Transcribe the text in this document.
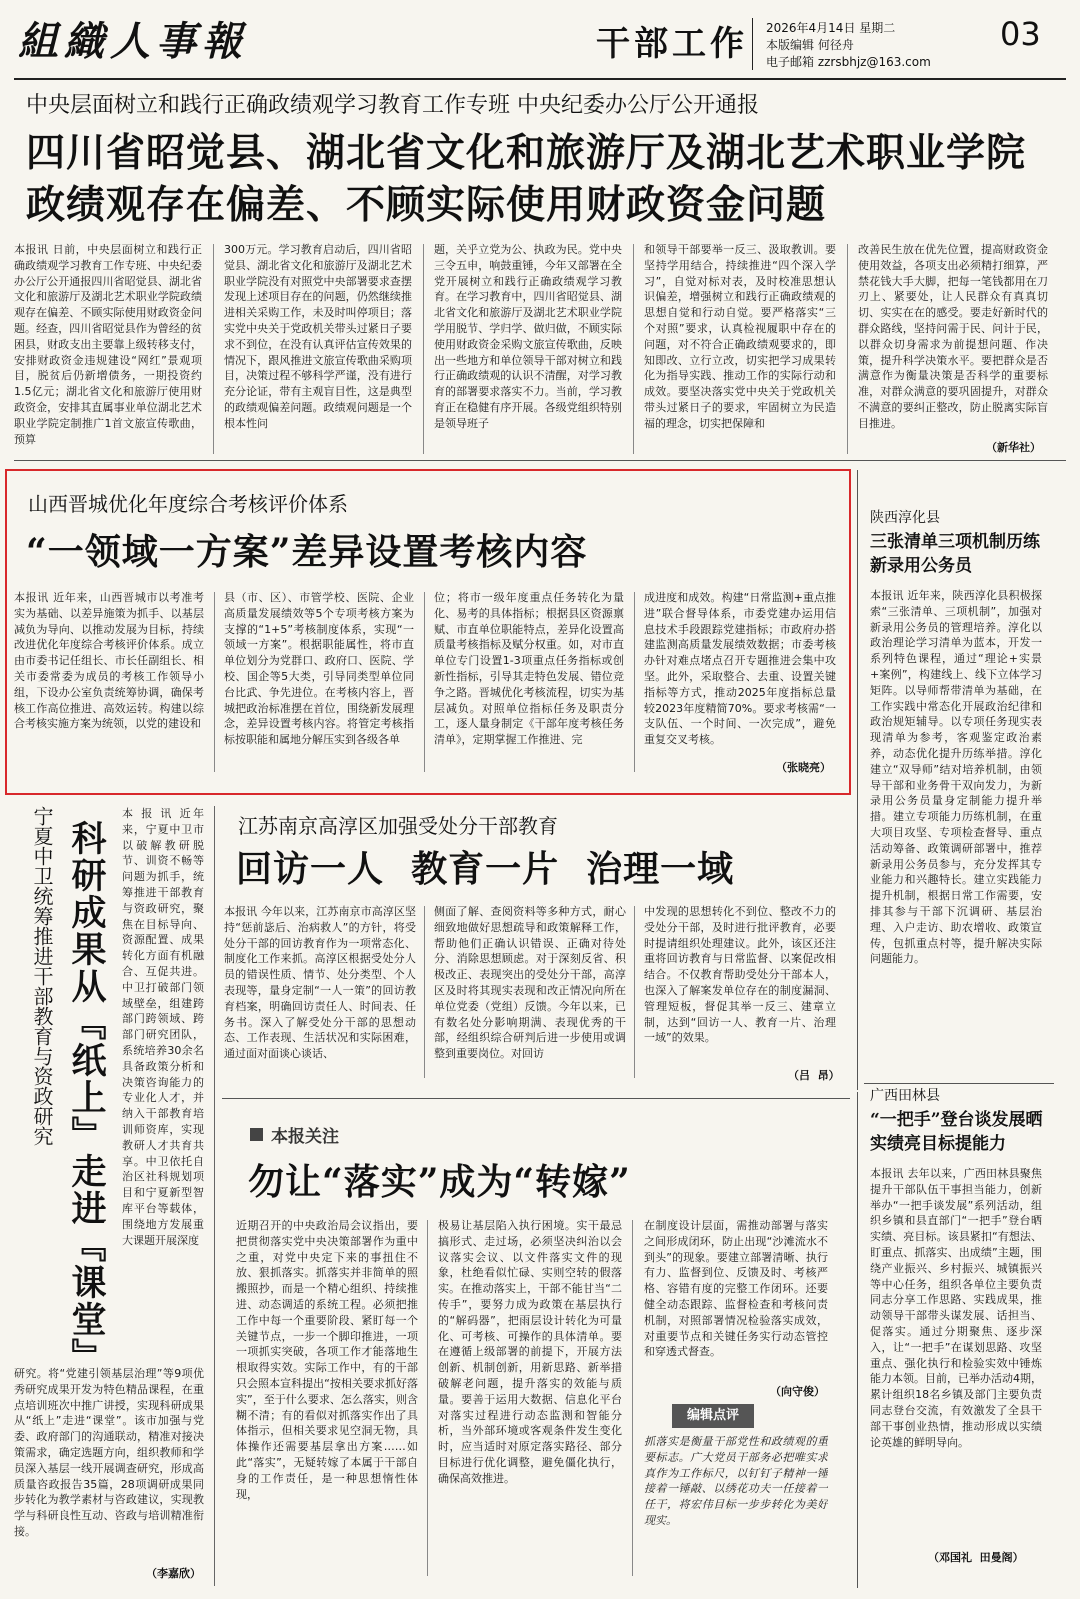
組織人事報	干部工作 2026年4月14日 星期二
本版编辑 何径舟
电子邮箱 zzrsbhjz@163.com
03
中央层面树立和践行正确政绩观学习教育工作专班 中央纪委办公厅公开通报
四川省昭觉县、湖北省文化和旅游厅及湖北艺术职业学院
政绩观存在偏差、不顾实际使用财政资金问题
本报讯 日前，中央层面树立和践行正确政绩观学习教育工作专班、中央纪委办公厅公开通报四川省昭觉县、湖北省文化和旅游厅及湖北艺术职业学院政绩观存在偏差、不顾实际使用财政资金问题。经查，四川省昭觉县作为曾经的贫困县，财政支出主要靠上级转移支付，安排财政资金违规建设“网红”景观项目，脱贫后仍新增债务，一期投资约1.5亿元；湖北省文化和旅游厅使用财政资金，安排其直属事业单位湖北艺术职业学院定制推广1首文旅宣传歌曲，预算
300万元。学习教育启动后，四川省昭觉县、湖北省文化和旅游厅及湖北艺术职业学院没有对照党中央部署要求查摆发现上述项目存在的问题，仍然继续推进相关采购工作，未及时叫停项目；落实党中央关于党政机关带头过紧日子要求不到位，在没有认真评估宣传效果的情况下，跟风推进文旅宣传歌曲采购项目，决策过程不够科学严谨，没有进行充分论证，带有主观盲目性，这是典型的政绩观偏差问题。政绩观问题是一个根本性问
题，关乎立党为公、执政为民。党中央三令五申，响鼓重锤，今年又部署在全党开展树立和践行正确政绩观学习教育。在学习教育中，四川省昭觉县、湖北省文化和旅游厅及湖北艺术职业学院学用脱节、学归学、做归做，不顾实际使用财政资金采购文旅宣传歌曲，反映出一些地方和单位领导干部对树立和践行正确政绩观的认识不清醒，对学习教育的部署要求落实不力。当前，学习教育正在稳健有序开展。各级党组织特别是领导班子
和领导干部要举一反三、汲取教训。要坚持学用结合，持续推进“四个深入学习”，自觉对标对表，及时校准思想认识偏差，增强树立和践行正确政绩观的思想自觉和行动自觉。要严格落实“三个对照”要求，认真检视履职中存在的问题，对不符合正确政绩观要求的，即知即改、立行立改，切实把学习成果转化为指导实践、推动工作的实际行动和成效。要坚决落实党中央关于党政机关带头过紧日子的要求，牢固树立为民造福的理念，切实把保障和
改善民生放在优先位置，提高财政资金使用效益，各项支出必须精打细算，严禁花钱大手大脚，把每一笔钱都用在刀刃上、紧要处，让人民群众有真真切切、实实在在的感受。要走好新时代的群众路线，坚持问需于民、问计于民，以群众切身需求为前提想问题、作决策，提升科学决策水平。要把群众是否满意作为衡量决策是否科学的重要标准，对群众满意的要巩固提升，对群众不满意的要纠正整改，防止脱离实际盲目推进。
（新华社）
山西晋城优化年度综合考核评价体系
“一领域一方案”差异设置考核内容
本报讯 近年来，山西晋城市以考准考实为基础、以差异施策为抓手、以基层减负为导向、以推动发展为目标，持续改进优化年度综合考核评价体系。成立由市委书记任组长、市长任副组长、相关市委常委为成员的考核工作领导小组，下设办公室负责统筹协调，确保考核工作高位推进、高效运转。构建以综合考核实施方案为统领，以党的建设和
县（市、区）、市管学校、医院、企业高质量发展绩效等5个专项考核方案为支撑的“1+5”考核制度体系，实现“一领域一方案”。根据职能属性，将市直单位划分为党群口、政府口、医院、学校、国企等5大类，引导同类型单位同台比武、争先进位。在考核内容上，晋城把政治标准摆在首位，围绕新发展理念，差异设置考核内容。将管定考核指标按职能和属地分解压实到各级各单
位；将市一级年度重点任务转化为量化、易考的具体指标；根据县区资源禀赋、市直单位职能特点，差异化设置高质量考核指标及赋分权重。如，对市直单位专门设置1-3项重点任务指标或创新性指标，引导其走特色发展、错位竞争之路。晋城优化考核流程，切实为基层减负。对照单位指标任务及职责分工，逐人量身制定《干部年度考核任务清单》，定期掌握工作推进、完
成进度和成效。构建“日常监测+重点推进”联合督导体系，市委党建办运用信息技术手段跟踪党建指标；市政府办搭建监测高质量发展绩效数据；市委考核办针对难点堵点召开专题推进会集中攻坚。此外，采取整合、去重、设置关键指标等方式，推动2025年度指标总量较2023年度精简70%。要求考核需“一支队伍、一个时间、一次完成”，避免重复交叉考核。
（张晓亮）
陕西淳化县
三张清单三项机制历练新录用公务员
本报讯 近年来，陕西淳化县积极探索“三张清单、三项机制”，加强对新录用公务员的管理培养。淳化以政治理论学习清单为蓝本，开发一系列特色课程，通过“理论+实景+案例”，构建线上、线下立体学习矩阵。以导师帮带清单为基础，在工作实践中常态化开展政治纪律和政治规矩辅导。以专项任务现实表现清单为参考，客观鉴定政治素养，动态优化提升历练举措。淳化建立“双导师”结对培养机制，由领导干部和业务骨干双向发力，为新录用公务员量身定制能力提升举措。建立专项能力历练机制，在重大项目攻坚、专项检查督导、重点活动筹备、政策调研部署中，推荐新录用公务员参与，充分发挥其专业能力和兴趣特长。建立实践能力提升机制，根据日常工作需要，安排其参与干部下沉调研、基层治理、入户走访、助农增收、政策宣传，包抓重点村等，提升解决实际问题能力。
宁夏中卫统筹推进干部教育与资政研究 科研成果从『纸上』走进『课堂』
本 报 讯 近年来，宁夏中卫市以破解教研脱节、训资不畅等问题为抓手，统筹推进干部教育与资政研究，聚焦在目标导向、资源配置、成果转化方面有机融合、互促共进。中卫打破部门领域壁垒，组建跨部门跨领域、跨部门研究团队，系统培养30余名具备政策分析和决策咨询能力的专业化人才，并纳入干部教育培训师资库，实现教研人才共育共享。中卫依托自治区社科规划项目和宁夏新型智库平台等载体，围绕地方发展重大课题开展深度
研究。将“党建引领基层治理”等9项优秀研究成果开发为特色精品课程，在重点培训班次中推广讲授，实现科研成果从“纸上”走进“课堂”。该市加强与党委、政府部门的沟通联动，精准对接决策需求，确定选题方向，组织教师和学员深入基层一线开展调查研究，形成高质量咨政报告35篇，28项调研成果同步转化为教学素材与咨政建议，实现教学与科研良性互动、咨政与培训精准衔接。
（李嘉欣）
江苏南京高淳区加强受处分干部教育
回访一人  教育一片  治理一域
本报讯 今年以来，江苏南京市高淳区坚持“惩前毖后、治病救人”的方针，将受处分干部的回访教育作为一项常态化、制度化工作来抓。高淳区根据受处分人员的错误性质、情节、处分类型、个人表现等，量身定制“一人一策”的回访教育档案，明确回访责任人、时间表、任务书。深入了解受处分干部的思想动态、工作表现、生活状况和实际困难，通过面对面谈心谈话、
侧面了解、查阅资料等多种方式，耐心细致地做好思想疏导和政策解释工作，帮助他们正确认识错误、正确对待处分、消除思想顾虑。对于深刻反省、积极改正、表现突出的受处分干部，高淳区及时将其现实表现和改正情况向所在单位党委（党组）反馈。今年以来，已有数名处分影响期满、表现优秀的干部，经组织综合研判后进一步使用或调整到重要岗位。对回访
中发现的思想转化不到位、整改不力的受处分干部，及时进行批评教育，必要时提请组织处理建议。此外，该区还注重将回访教育与日常监督、以案促改相结合。不仅教育帮助受处分干部本人，也深入了解案发单位存在的制度漏洞、管理短板，督促其举一反三、建章立制，达到“回访一人、教育一片、治理一域”的效果。
（吕  昂）
本报关注
勿让“落实”成为“转嫁”
近期召开的中央政治局会议指出，要把贯彻落实党中央决策部署作为重中之重，对党中央定下来的事扭住不放、狠抓落实。抓落实并非简单的照搬照抄，而是一个精心组织、持续推进、动态调适的系统工程。必须把推工作中每一个重要阶段、紧盯每一个关键节点，一步一个脚印推进，一项一项抓实突破，各项工作才能落地生根取得实效。实际工作中，有的干部只会照本宣科提出“按相关要求抓好落实”，至于什么要求、怎么落实，则含糊不清；有的看似对抓落实作出了具体指示，但相关要求见空洞无物，具体操作还需要基层拿出方案……如此“落实”，无疑转嫁了本属于干部自身的工作责任，是一种思想惰性体现，
极易让基层陷入执行困境。实干最忌搞形式、走过场，必须坚决纠治以会议落实会议、以文件落实文件的现象，杜绝看似忙碌、实则空转的假落实。在推动落实上，干部不能甘当“二传手”，要努力成为政策在基层执行的“解码器”，把雨层设计转化为可量化、可考核、可操作的具体清单。要在遵循上级部署的前提下，开展方法创新、机制创新，用新思路、新举措破解老问题，提升落实的效能与质量。要善于运用大数据、信息化平台对落实过程进行动态监测和智能分析，当外部环境或客观条件发生变化时，应当适时对原定落实路径、部分目标进行优化调整，避免僵化执行，确保高效推进。
在制度设计层面，需推动部署与落实之间形成闭环，防止出现“沙滩流水不到头”的现象。要建立部署清晰、执行有力、监督到位、反馈及时、考核严格、容错有度的完整工作闭环。还要健全动态跟踪、监督检查和考核问责机制，对照部署情况检验落实成效，对重要节点和关键任务实行动态管控和穿透式督查。
（向守俊）
编辑点评
抓落实是衡量干部党性和政绩观的重要标志。广大党员干部务必把唯实求真作为工作标尺，以钉钉子精神一锤接着一锤敲、以绣花功夫一任接着一任干，将宏伟目标一步步转化为美好现实。
广西田林县
“一把手”登台谈发展晒实绩亮目标提能力
本报讯 去年以来，广西田林县聚焦提升干部队伍干事担当能力，创新举办“一把手谈发展”系列活动，组织乡镇和县直部门“一把手”登台晒实绩、亮目标。该县紧扣“有想法、盯重点、抓落实、出成绩”主题，围绕产业振兴、乡村振兴、城镇振兴等中心任务，组织各单位主要负责同志分享工作思路、实践成果，推动领导干部带头谋发展、话担当、促落实。通过分期聚焦、逐步深入，让“一把手”在谋划思路、攻坚重点、强化执行和检验实效中锤炼能力本领。目前，已举办活动4期，累计组织18名乡镇及部门主要负责同志登台交流，有效激发了全县干部干事创业热情，推动形成以实绩论英雄的鲜明导向。
（邓国礼  田曼阁）
